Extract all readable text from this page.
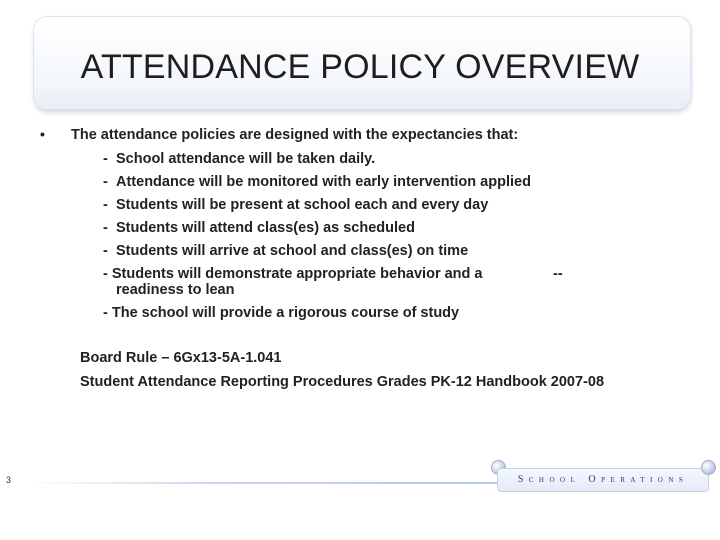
ATTENDANCE POLICY OVERVIEW
• The attendance policies are designed with the expectancies that:
- School attendance will be taken daily.
- Attendance will be monitored with early intervention applied
- Students will be present at school each and every day
- Students will attend class(es) as scheduled
- Students will arrive at school and class(es) on time
- Students will demonstrate appropriate behavior and a	--
readiness to lean
- The school will provide a rigorous course of study
Board Rule – 6Gx13-5A-1.041
Student Attendance Reporting Procedures Grades PK-12 Handbook 2007-08
3	School Operations
